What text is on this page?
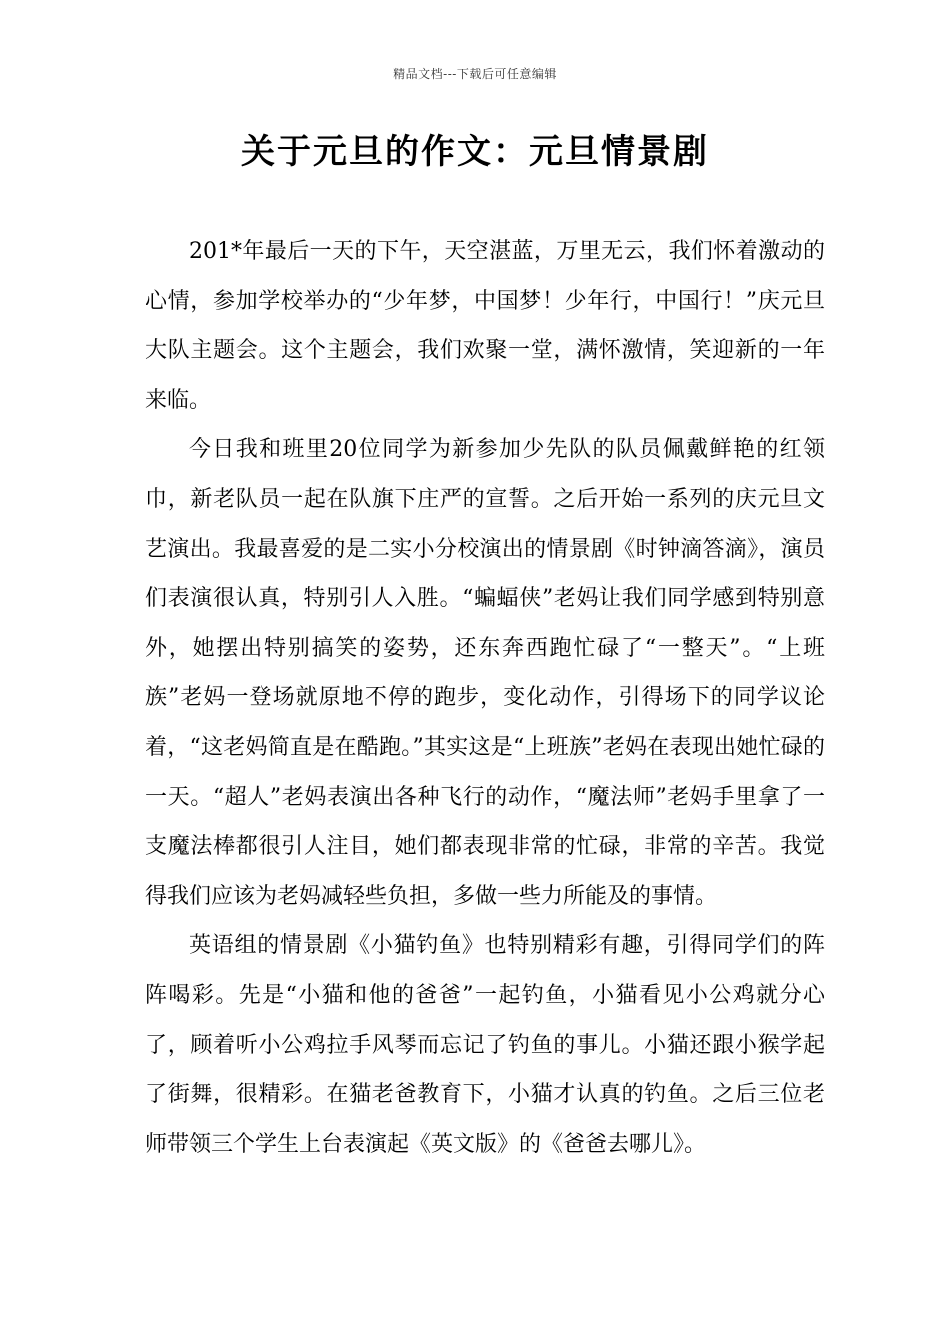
精品文档---下载后可任意编辑
关于元旦的作文：元旦情景剧

201*年最后一天的下午，天空湛蓝，万里无云，我们怀着激动的心情，参加学校举办的“少年梦，中国梦！少年行，中国行！”庆元旦大队主题会。这个主题会，我们欢聚一堂，满怀激情，笑迎新的一年来临。

今日我和班里20位同学为新参加少先队的队员佩戴鲜艳的红领巾，新老队员一起在队旗下庄严的宣誓。之后开始一系列的庆元旦文艺演出。我最喜爱的是二实小分校演出的情景剧《时钟滴答滴》，演员们表演很认真，特别引人入胜。“蝙蝠侠”老妈让我们同学感到特别意外，她摆出特别搞笑的姿势，还东奔西跑忙碌了“一整天”。“上班族”老妈一登场就原地不停的跑步，变化动作，引得场下的同学议论着，“这老妈简直是在酷跑。”其实这是“上班族”老妈在表现出她忙碌的一天。“超人”老妈表演出各种飞行的动作，“魔法师”老妈手里拿了一支魔法棒都很引人注目，她们都表现非常的忙碌，非常的辛苦。我觉得我们应该为老妈减轻些负担，多做一些力所能及的事情。

英语组的情景剧《小猫钓鱼》也特别精彩有趣，引得同学们的阵阵喝彩。先是“小猫和他的爸爸”一起钓鱼，小猫看见小公鸡就分心了，顾着听小公鸡拉手风琴而忘记了钓鱼的事儿。小猫还跟小猴学起了街舞，很精彩。在猫老爸教育下，小猫才认真的钓鱼。之后三位老师带领三个学生上台表演起《英文版》的《爸爸去哪儿》。
